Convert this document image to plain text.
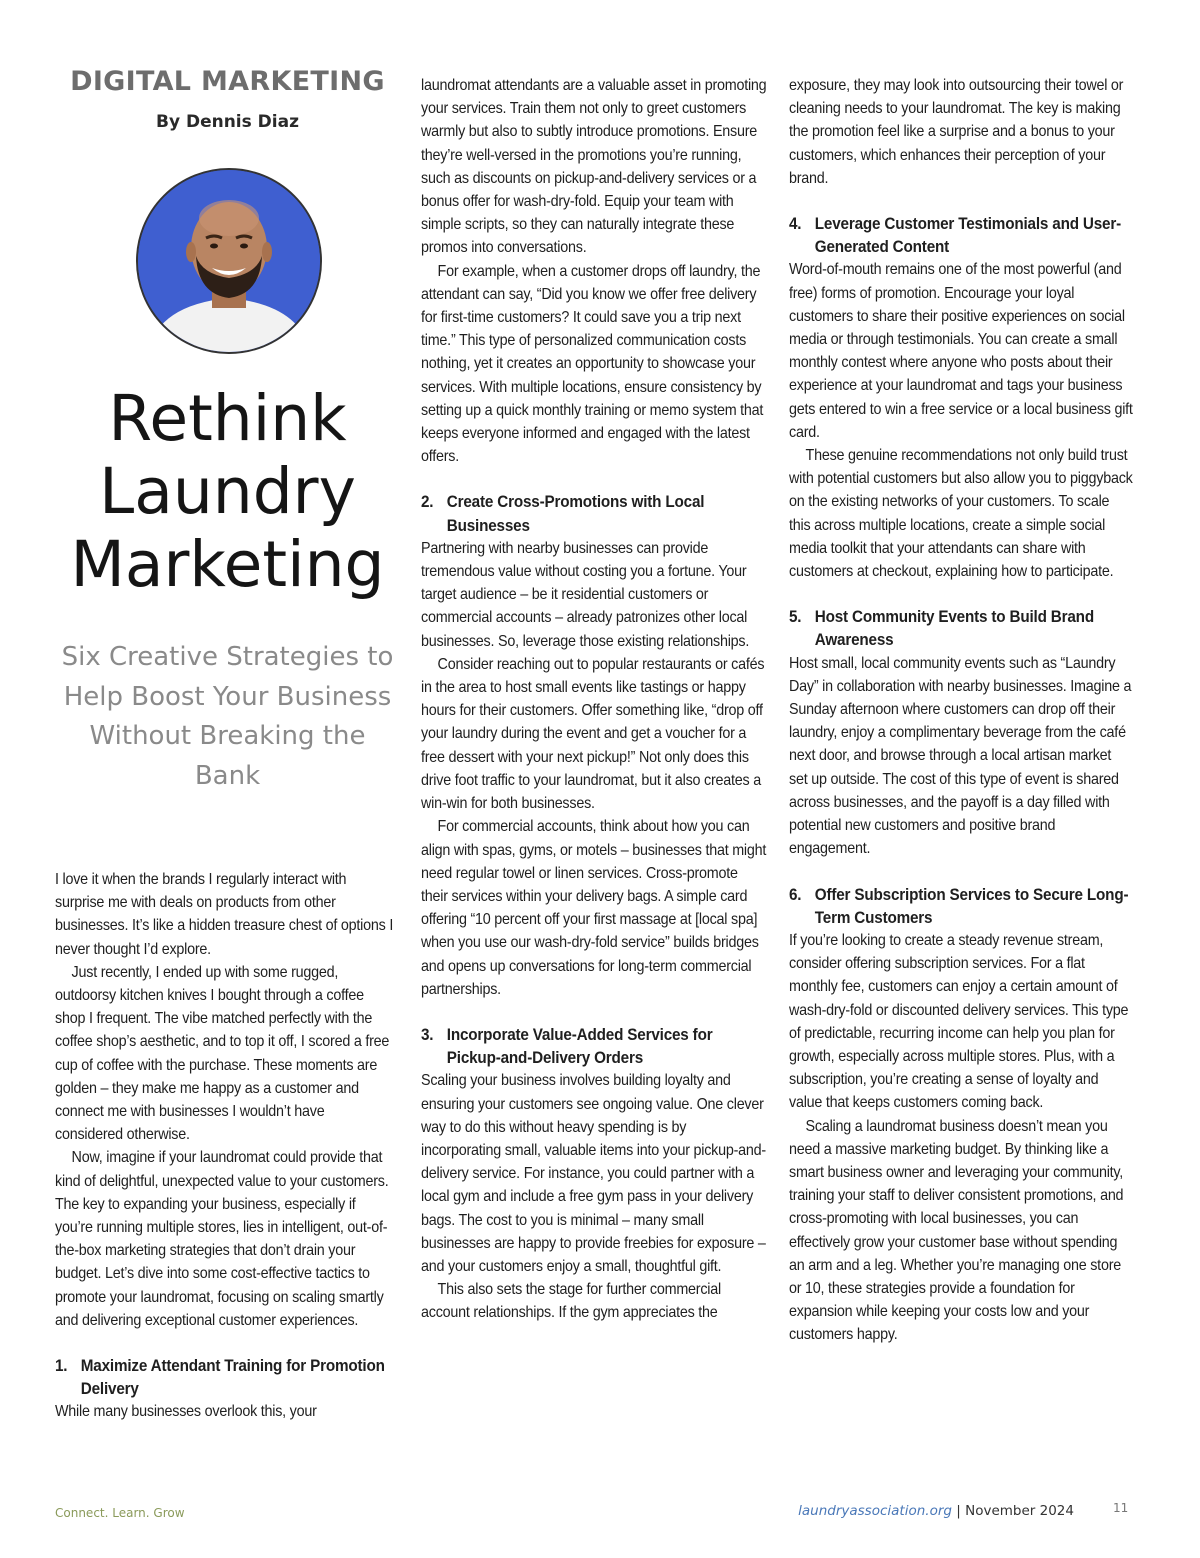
DIGITAL MARKETING
By Dennis Diaz
Rethink
Laundry
Marketing
Six Creative Strategies to Help Boost Your Business Without Breaking the Bank

I love it when the brands I regularly interact with surprise me with deals on products from other businesses. It’s like a hidden treasure chest of options I never thought I’d explore.

Just recently, I ended up with some rugged, outdoorsy kitchen knives I bought through a coffee shop I frequent. The vibe matched perfectly with the coffee shop’s aesthetic, and to top it off, I scored a free cup of coffee with the purchase. These moments are golden – they make me happy as a customer and connect me with businesses I wouldn’t have considered otherwise.

Now, imagine if your laundromat could provide that kind of delightful, unexpected value to your customers. The key to expanding your business, especially if you’re running multiple stores, lies in intelligent, out-of-the-box marketing strategies that don’t drain your budget. Let’s dive into some cost-effective tactics to promote your laundromat, focusing on scaling smartly and delivering exceptional customer experiences.

1. Maximize Attendant Training for Promotion Delivery

While many businesses overlook this, your

laundromat attendants are a valuable asset in promoting your services. Train them not only to greet customers warmly but also to subtly introduce promotions. Ensure they’re well-versed in the promotions you’re running, such as discounts on pickup-and-delivery services or a bonus offer for wash-dry-fold. Equip your team with simple scripts, so they can naturally integrate these promos into conversations.

For example, when a customer drops off laundry, the attendant can say, “Did you know we offer free delivery for first-time customers? It could save you a trip next time.” This type of personalized communication costs nothing, yet it creates an opportunity to showcase your services. With multiple locations, ensure consistency by setting up a quick monthly training or memo system that keeps everyone informed and engaged with the latest offers.

2. Create Cross-Promotions with Local Businesses

Partnering with nearby businesses can provide tremendous value without costing you a fortune. Your target audience – be it residential customers or commercial accounts – already patronizes other local businesses. So, leverage those existing relationships.

Consider reaching out to popular restaurants or cafés in the area to host small events like tastings or happy hours for their customers. Offer something like, “drop off your laundry during the event and get a voucher for a free dessert with your next pickup!” Not only does this drive foot traffic to your laundromat, but it also creates a win-win for both businesses.

For commercial accounts, think about how you can align with spas, gyms, or motels – businesses that might need regular towel or linen services. Cross-promote their services within your delivery bags. A simple card offering “10 percent off your first massage at [local spa] when you use our wash-dry-fold service” builds bridges and opens up conversations for long-term commercial partnerships.

3. Incorporate Value-Added Services for Pickup-and-Delivery Orders

Scaling your business involves building loyalty and ensuring your customers see ongoing value. One clever way to do this without heavy spending is by incorporating small, valuable items into your pickup-and-delivery service. For instance, you could partner with a local gym and include a free gym pass in your delivery bags. The cost to you is minimal – many small businesses are happy to provide freebies for exposure – and your customers enjoy a small, thoughtful gift.

This also sets the stage for further commercial account relationships. If the gym appreciates the

exposure, they may look into outsourcing their towel or cleaning needs to your laundromat. The key is making the promotion feel like a surprise and a bonus to your customers, which enhances their perception of your brand.

4. Leverage Customer Testimonials and User-Generated Content

Word-of-mouth remains one of the most powerful (and free) forms of promotion. Encourage your loyal customers to share their positive experiences on social media or through testimonials. You can create a small monthly contest where anyone who posts about their experience at your laundromat and tags your business gets entered to win a free service or a local business gift card.

These genuine recommendations not only build trust with potential customers but also allow you to piggyback on the existing networks of your customers. To scale this across multiple locations, create a simple social media toolkit that your attendants can share with customers at checkout, explaining how to participate.

5. Host Community Events to Build Brand Awareness

Host small, local community events such as “Laundry Day” in collaboration with nearby businesses. Imagine a Sunday afternoon where customers can drop off their laundry, enjoy a complimentary beverage from the café next door, and browse through a local artisan market set up outside. The cost of this type of event is shared across businesses, and the payoff is a day filled with potential new customers and positive brand engagement.

6. Offer Subscription Services to Secure Long-Term Customers

If you’re looking to create a steady revenue stream, consider offering subscription services. For a flat monthly fee, customers can enjoy a certain amount of wash-dry-fold or discounted delivery services. This type of predictable, recurring income can help you plan for growth, especially across multiple stores. Plus, with a subscription, you’re creating a sense of loyalty and value that keeps customers coming back.

Scaling a laundromat business doesn’t mean you need a massive marketing budget. By thinking like a smart business owner and leveraging your community, training your staff to deliver consistent promotions, and cross-promoting with local businesses, you can effectively grow your customer base without spending an arm and a leg. Whether you’re managing one store or 10, these strategies provide a foundation for expansion while keeping your costs low and your customers happy.

Connect. Learn. Grow	laundryassociation.org | November 2024	11
